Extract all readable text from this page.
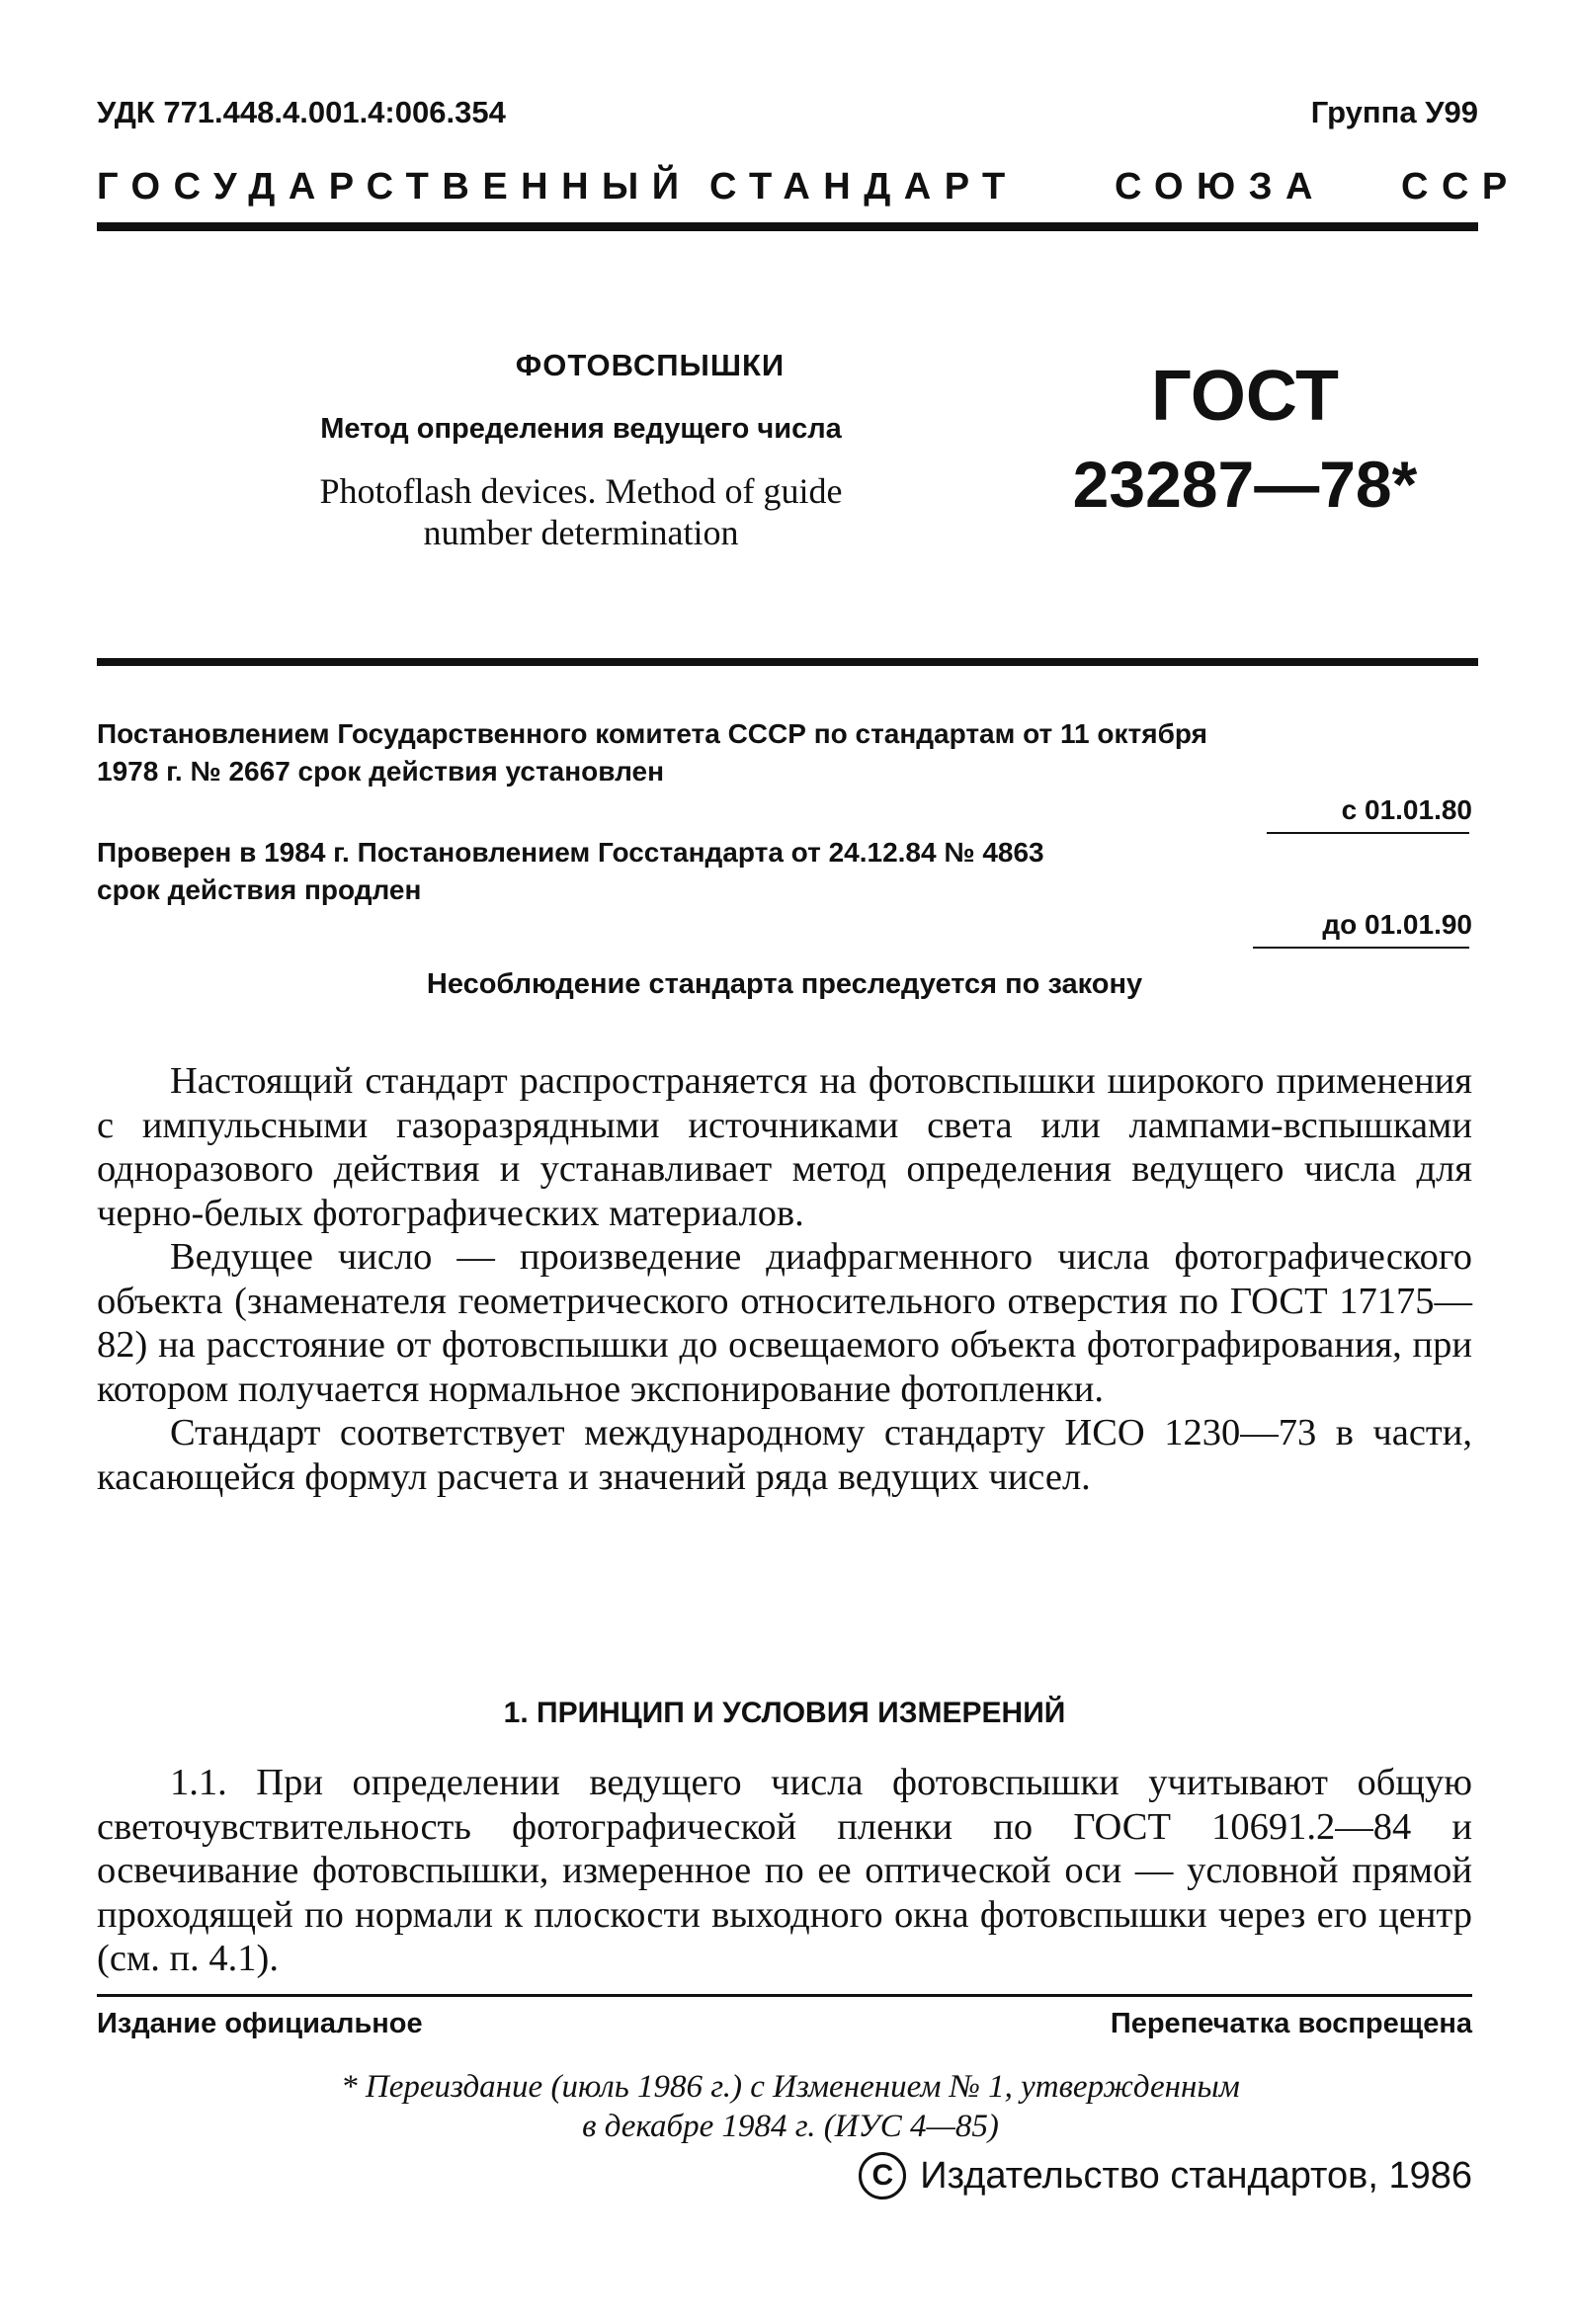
УДК 771.448.4.001.4:006.354	Группа У99
ГОСУДАРСТВЕННЫЙ СТАНДАРТ	СОЮЗА ССР
ФОТОВСПЫШКИ
Метод определения ведущего числа
Photoflash devices. Method of guide
number determination
ГОСТ
23287—78*
Постановлением Государственного комитета СССР по стандартам от 11 октября
1978 г. № 2667 срок действия установлен
с 01.01.80
Проверен в 1984 г. Постановлением Госстандарта от 24.12.84 № 4863
срок действия продлен
до 01.01.90
Несоблюдение стандарта преследуется по закону

Настоящий стандарт распространяется на фотовспышки широкого применения с импульсными газоразрядными источниками света или лампами-вспышками одноразового действия и устанавливает метод определения ведущего числа для черно-белых фотографических материалов.

Ведущее число — произведение диафрагменного числа фотографического объекта (знаменателя геометрического относительного отверстия по ГОСТ 17175—82) на расстояние от фотовспышки до освещаемого объекта фотографирования, при котором получается нормальное экспонирование фотопленки.

Стандарт соответствует международному стандарту ИСО 1230—73 в части, касающейся формул расчета и значений ряда ведущих чисел.

1. ПРИНЦИП И УСЛОВИЯ ИЗМЕРЕНИЙ

1.1. При определении ведущего числа фотовспышки учитывают общую светочувствительность фотографической пленки по ГОСТ 10691.2—84 и освечивание фотовспышки, измеренное по ее оптической оси — условной прямой проходящей по нормали к плоскости выходного окна фотовспышки через его центр (см. п. 4.1).

Издание официальное	Перепечатка воспрещена
* Переиздание (июль 1986 г.) с Изменением № 1, утвержденным
в декабре 1984 г. (ИУС 4—85)
C Издательство стандартов, 1986
